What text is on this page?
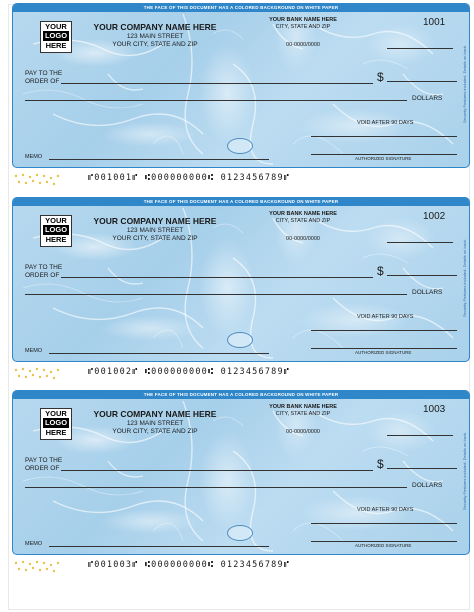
THE FACE OF THIS DOCUMENT HAS A COLORED BACKGROUND ON WHITE PAPER
YOUR
LOGO
HERE
YOUR COMPANY NAME HERE
123 MAIN STREET
YOUR CITY, STATE AND ZIP
YOUR BANK NAME HERE
CITY, STATE AND ZIP
00-0000/0000
1001
PAY TO THE
ORDER OF	$
DOLLARS
VOID AFTER 90 DAYS
MEMO	AUTHORIZED SIGNATURE
Security Features included. Details on back.
⑈001001⑈ ⑆000000000⑆ 0123456789⑈
THE FACE OF THIS DOCUMENT HAS A COLORED BACKGROUND ON WHITE PAPER
YOUR
LOGO
HERE
YOUR COMPANY NAME HERE
123 MAIN STREET
YOUR CITY, STATE AND ZIP
YOUR BANK NAME HERE
CITY, STATE AND ZIP
00-0000/0000
1002
PAY TO THE
ORDER OF	$
DOLLARS
VOID AFTER 90 DAYS
MEMO	AUTHORIZED SIGNATURE
Security Features included. Details on back.
⑈001002⑈ ⑆000000000⑆ 0123456789⑈
THE FACE OF THIS DOCUMENT HAS A COLORED BACKGROUND ON WHITE PAPER
YOUR
LOGO
HERE
YOUR COMPANY NAME HERE
123 MAIN STREET
YOUR CITY, STATE AND ZIP
YOUR BANK NAME HERE
CITY, STATE AND ZIP
00-0000/0000
1003
PAY TO THE
ORDER OF	$
DOLLARS
VOID AFTER 90 DAYS
MEMO	AUTHORIZED SIGNATURE
Security Features included. Details on back.
⑈001003⑈ ⑆000000000⑆ 0123456789⑈
